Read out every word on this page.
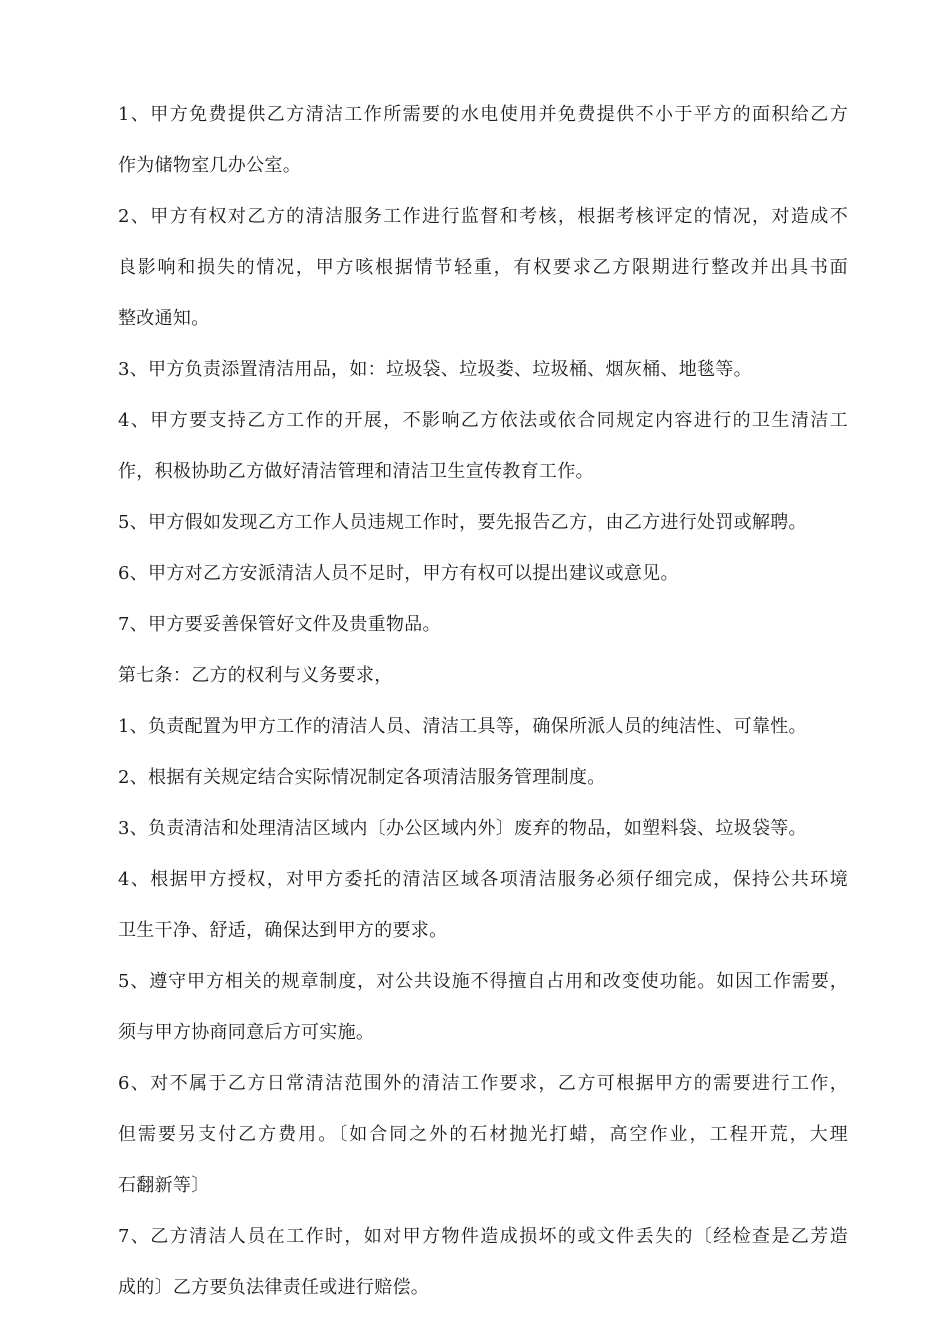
1、甲方免费提供乙方清洁工作所需要的水电使用并免费提供不小于平方的面积给乙方
作为储物室几办公室。
2、甲方有权对乙方的清洁服务工作进行监督和考核，根据考核评定的情况，对造成不
良影响和损失的情况，甲方咳根据情节轻重，有权要求乙方限期进行整改并出具书面
整改通知。
3、甲方负责添置清洁用品，如：垃圾袋、垃圾娄、垃圾桶、烟灰桶、地毯等。
4、甲方要支持乙方工作的开展，不影响乙方依法或依合同规定内容进行的卫生清洁工
作，积极协助乙方做好清洁管理和清洁卫生宣传教育工作。
5、甲方假如发现乙方工作人员违规工作时，要先报告乙方，由乙方进行处罚或解聘。
6、甲方对乙方安派清洁人员不足时，甲方有权可以提出建议或意见。
7、甲方要妥善保管好文件及贵重物品。
第七条：乙方的权利与义务要求，
1、负责配置为甲方工作的清洁人员、清洁工具等，确保所派人员的纯洁性、可靠性。
2、根据有关规定结合实际情况制定各项清洁服务管理制度。
3、负责清洁和处理清洁区域内〔办公区域内外〕废弃的物品，如塑料袋、垃圾袋等。
4、根据甲方授权，对甲方委托的清洁区域各项清洁服务必须仔细完成，保持公共环境
卫生干净、舒适，确保达到甲方的要求。
5、遵守甲方相关的规章制度，对公共设施不得擅自占用和改变使功能。如因工作需要，
须与甲方协商同意后方可实施。
6、对不属于乙方日常清洁范围外的清洁工作要求，乙方可根据甲方的需要进行工作，
但需要另支付乙方费用。〔如合同之外的石材抛光打蜡，高空作业，工程开荒，大理
石翻新等〕
7、乙方清洁人员在工作时，如对甲方物件造成损坏的或文件丢失的〔经检查是乙芳造
成的〕乙方要负法律责任或进行赔偿。
